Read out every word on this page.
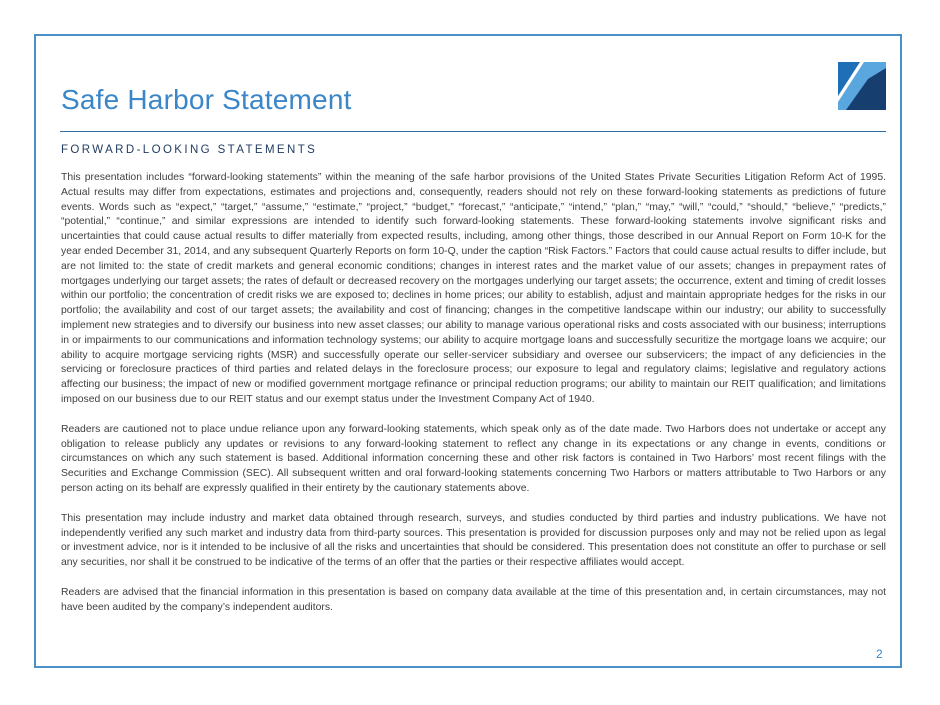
Safe Harbor Statement
FORWARD-LOOKING STATEMENTS

This presentation includes “forward-looking statements” within the meaning of the safe harbor provisions of the United States Private Securities Litigation Reform Act of 1995. Actual results may differ from expectations, estimates and projections and, consequently, readers should not rely on these forward-looking statements as predictions of future events. Words such as “expect,” “target,” “assume,” “estimate,” “project,” “budget,” “forecast,” “anticipate,” “intend,” “plan,” “may,” “will,” “could,” “should,” “believe,” “predicts,” “potential,” “continue,” and similar expressions are intended to identify such forward-looking statements. These forward-looking statements involve significant risks and uncertainties that could cause actual results to differ materially from expected results, including, among other things, those described in our Annual Report on Form 10-K for the year ended December 31, 2014, and any subsequent Quarterly Reports on form 10-Q, under the caption “Risk Factors.” Factors that could cause actual results to differ include, but are not limited to: the state of credit markets and general economic conditions; changes in interest rates and the market value of our assets; changes in prepayment rates of mortgages underlying our target assets; the rates of default or decreased recovery on the mortgages underlying our target assets; the occurrence, extent and timing of credit losses within our portfolio; the concentration of credit risks we are exposed to; declines in home prices; our ability to establish, adjust and maintain appropriate hedges for the risks in our portfolio; the availability and cost of our target assets; the availability and cost of financing; changes in the competitive landscape within our industry; our ability to successfully implement new strategies and to diversify our business into new asset classes; our ability to manage various operational risks and costs associated with our business; interruptions in or impairments to our communications and information technology systems; our ability to acquire mortgage loans and successfully securitize the mortgage loans we acquire; our ability to acquire mortgage servicing rights (MSR) and successfully operate our seller-servicer subsidiary and oversee our subservicers; the impact of any deficiencies in the servicing or foreclosure practices of third parties and related delays in the foreclosure process; our exposure to legal and regulatory claims; legislative and regulatory actions affecting our business; the impact of new or modified government mortgage refinance or principal reduction programs; our ability to maintain our REIT qualification; and limitations imposed on our business due to our REIT status and our exempt status under the Investment Company Act of 1940.

Readers are cautioned not to place undue reliance upon any forward-looking statements, which speak only as of the date made. Two Harbors does not undertake or accept any obligation to release publicly any updates or revisions to any forward-looking statement to reflect any change in its expectations or any change in events, conditions or circumstances on which any such statement is based. Additional information concerning these and other risk factors is contained in Two Harbors’ most recent filings with the Securities and Exchange Commission (SEC). All subsequent written and oral forward-looking statements concerning Two Harbors or matters attributable to Two Harbors or any person acting on its behalf are expressly qualified in their entirety by the cautionary statements above.

This presentation may include industry and market data obtained through research, surveys, and studies conducted by third parties and industry publications. We have not independently verified any such market and industry data from third-party sources. This presentation is provided for discussion purposes only and may not be relied upon as legal or investment advice, nor is it intended to be inclusive of all the risks and uncertainties that should be considered. This presentation does not constitute an offer to purchase or sell any securities, nor shall it be construed to be indicative of the terms of an offer that the parties or their respective affiliates would accept.

Readers are advised that the financial information in this presentation is based on company data available at the time of this presentation and, in certain circumstances, may not have been audited by the company’s independent auditors.

2
